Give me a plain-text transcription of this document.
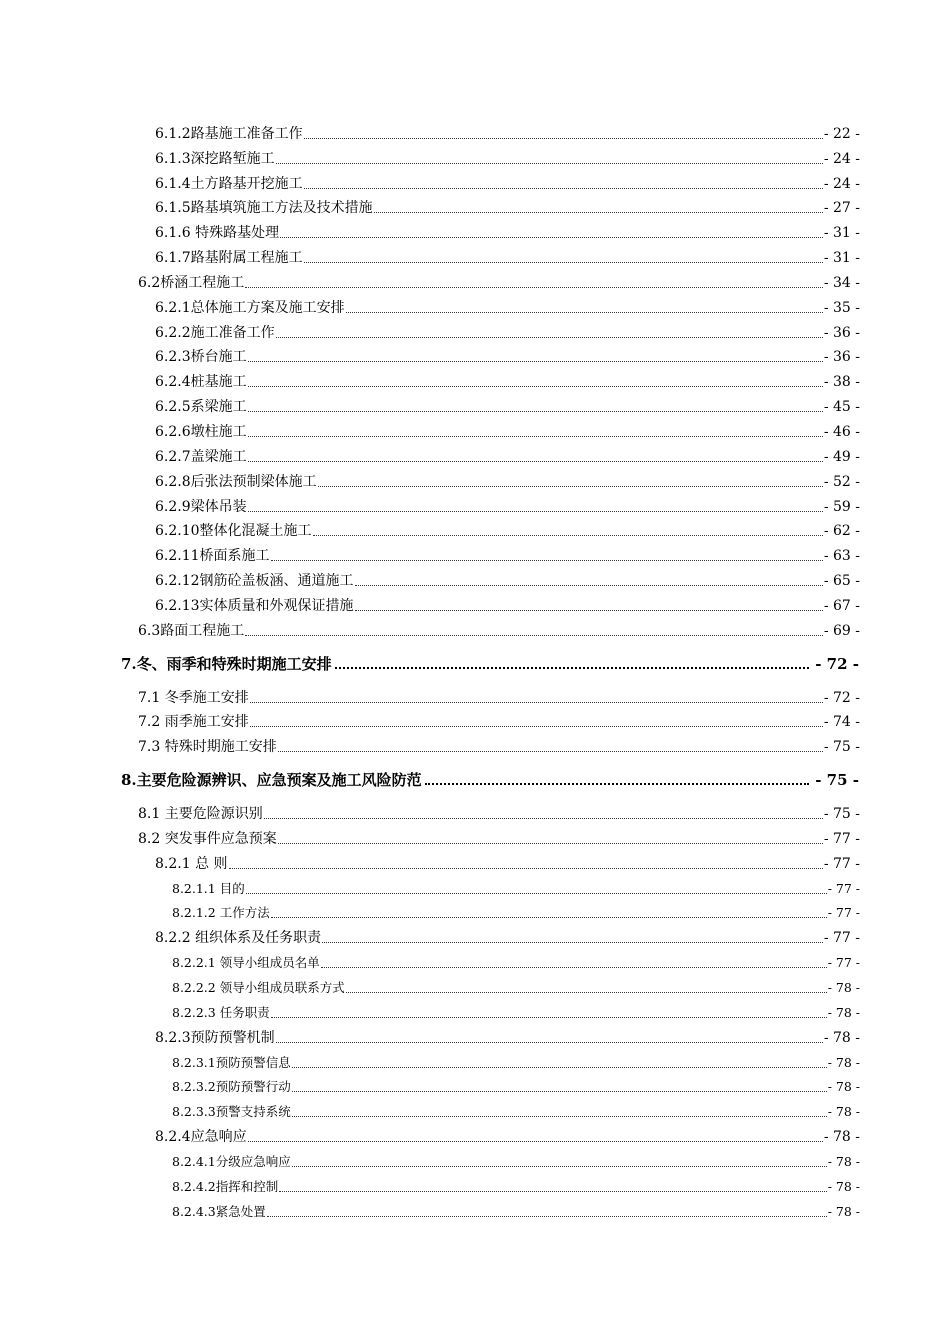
6.1.2路基施工准备工作	- 22 -
6.1.3深挖路堑施工	- 24 -
6.1.4土方路基开挖施工	- 24 -
6.1.5路基填筑施工方法及技术措施	- 27 -
6.1.6 特殊路基处理	- 31 -
6.1.7路基附属工程施工	- 31 -
6.2桥涵工程施工	- 34 -
6.2.1总体施工方案及施工安排	- 35 -
6.2.2施工准备工作	- 36 -
6.2.3桥台施工	- 36 -
6.2.4桩基施工	- 38 -
6.2.5系梁施工	- 45 -
6.2.6墩柱施工	- 46 -
6.2.7盖梁施工	- 49 -
6.2.8后张法预制梁体施工	- 52 -
6.2.9梁体吊装	- 59 -
6.2.10整体化混凝土施工	- 62 -
6.2.11桥面系施工	- 63 -
6.2.12钢筋砼盖板涵、通道施工	- 65 -
6.2.13实体质量和外观保证措施	- 67 -
6.3路面工程施工	- 69 -
7.冬、雨季和特殊时期施工安排	- 72 -
7.1 冬季施工安排	- 72 -
7.2 雨季施工安排	- 74 -
7.3 特殊时期施工安排	- 75 -
8.主要危险源辨识、应急预案及施工风险防范	- 75 -
8.1 主要危险源识别	- 75 -
8.2 突发事件应急预案	- 77 -
8.2.1 总 则	- 77 -
8.2.1.1 目的	- 77 -
8.2.1.2 工作方法	- 77 -
8.2.2 组织体系及任务职责	- 77 -
8.2.2.1 领导小组成员名单	- 77 -
8.2.2.2 领导小组成员联系方式	- 78 -
8.2.2.3 任务职责	- 78 -
8.2.3预防预警机制	- 78 -
8.2.3.1预防预警信息	- 78 -
8.2.3.2预防预警行动	- 78 -
8.2.3.3预警支持系统	- 78 -
8.2.4应急响应	- 78 -
8.2.4.1分级应急响应	- 78 -
8.2.4.2指挥和控制	- 78 -
8.2.4.3紧急处置	- 78 -
